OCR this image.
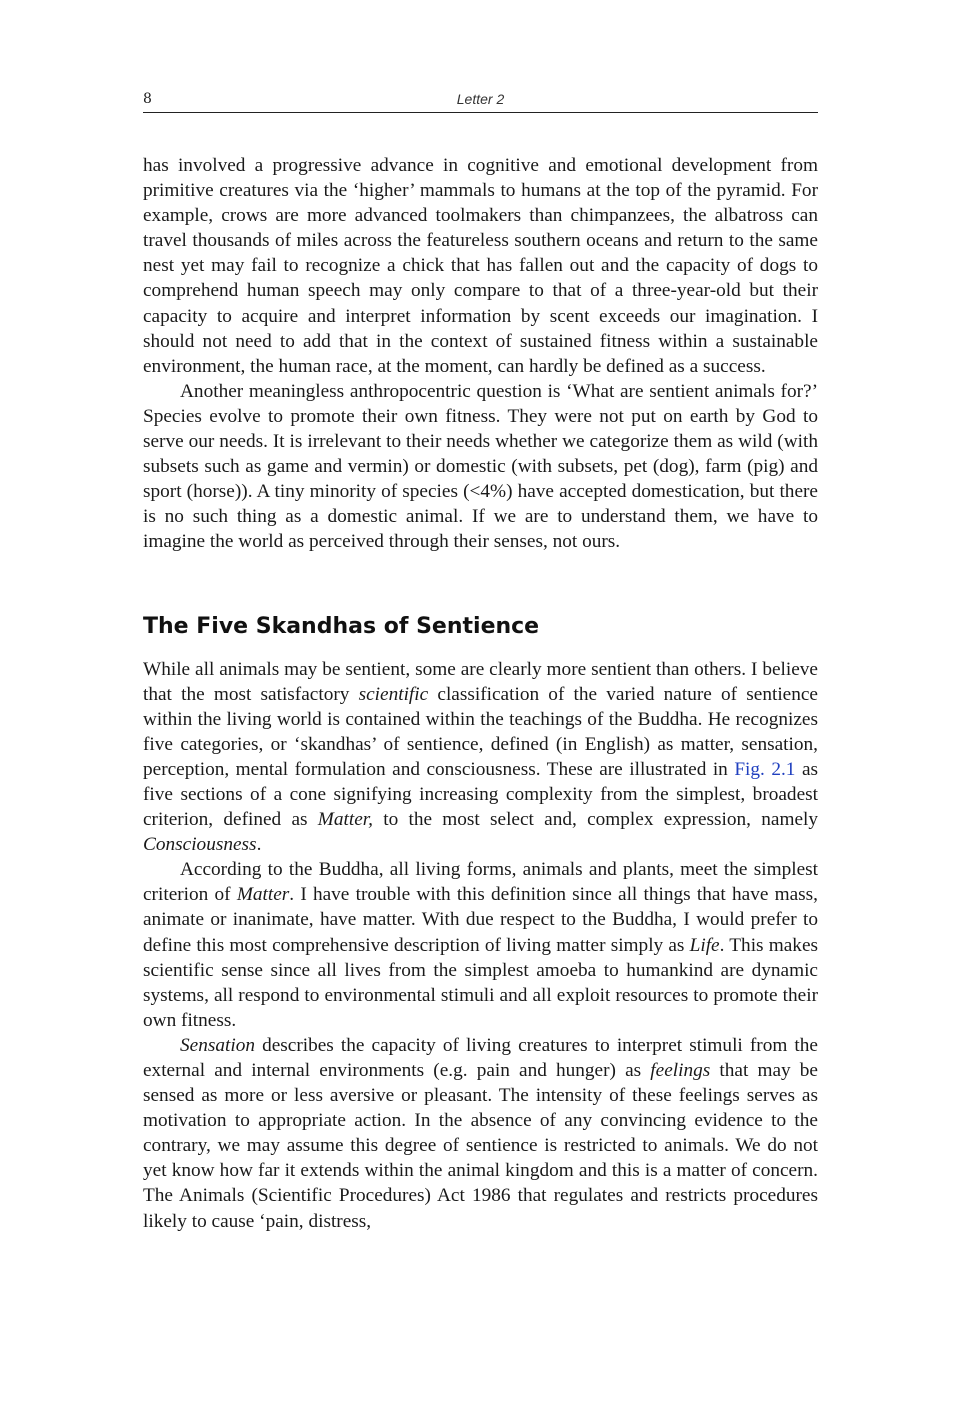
8	Letter 2

has involved a progressive advance in cognitive and emotional development from primitive creatures via the ‘higher’ mammals to humans at the top of the pyramid. For example, crows are more advanced toolmakers than chimpanzees, the albatross can travel thousands of miles across the featureless southern oceans and return to the same nest yet may fail to recognize a chick that has fallen out and the capacity of dogs to comprehend human speech may only compare to that of a three-year-old but their capacity to acquire and interpret information by scent exceeds our imagination. I should not need to add that in the context of sustained fitness within a sustainable environment, the human race, at the moment, can hardly be defined as a success.

Another meaningless anthropocentric question is ‘What are sentient animals for?’ Species evolve to promote their own fitness. They were not put on earth by God to serve our needs. It is irrelevant to their needs whether we categorize them as wild (with subsets such as game and vermin) or domestic (with subsets, pet (dog), farm (pig) and sport (horse)). A tiny minority of species (<4%) have accepted domestication, but there is no such thing as a domestic animal. If we are to understand them, we have to imagine the world as perceived through their senses, not ours.

The Five Skandhas of Sentience

While all animals may be sentient, some are clearly more sentient than others. I believe that the most satisfactory scientific classification of the varied nature of sentience within the living world is contained within the teachings of the Buddha. He recognizes five categories, or ‘skandhas’ of sentience, defined (in English) as matter, sensation, perception, mental formulation and consciousness. These are illustrated in Fig. 2.1 as five sections of a cone signifying increasing complexity from the simplest, broadest criterion, defined as Matter, to the most select and, complex expression, namely Consciousness.

According to the Buddha, all living forms, animals and plants, meet the simplest criterion of Matter. I have trouble with this definition since all things that have mass, animate or inanimate, have matter. With due respect to the Buddha, I would prefer to define this most comprehensive description of living matter simply as Life. This makes scientific sense since all lives from the simplest amoeba to humankind are dynamic systems, all respond to environmental stimuli and all exploit resources to promote their own fitness.

Sensation describes the capacity of living creatures to interpret stimuli from the external and internal environments (e.g. pain and hunger) as feelings that may be sensed as more or less aversive or pleasant. The intensity of these feelings serves as motivation to appropriate action. In the absence of any convincing evidence to the contrary, we may assume this degree of sentience is restricted to animals. We do not yet know how far it extends within the animal kingdom and this is a matter of concern. The Animals (Scientific Procedures) Act 1986 that regulates and restricts procedures likely to cause ‘pain, distress,
